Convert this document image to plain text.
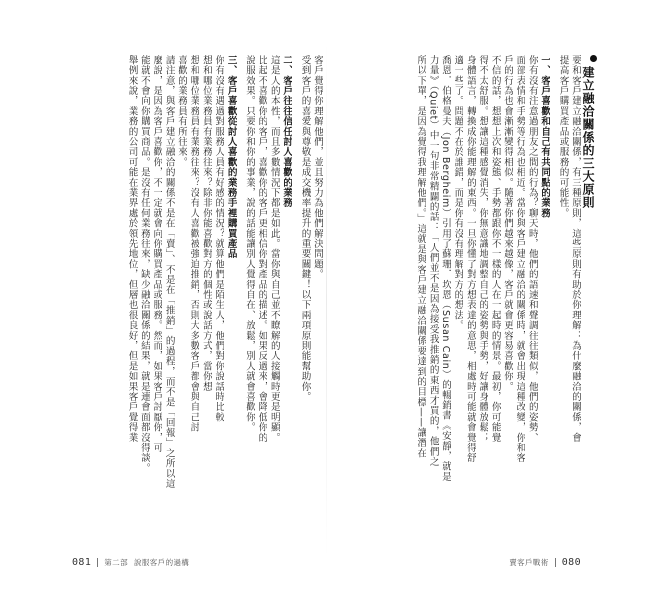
建立融洽關係的三大原則
要和客戶建立融洽關係，有三種原則，這些原則有助於你理解：為什麼融洽的關係，會
提高客戶購買產品或服務的可能性。
一、客戶喜歡和自己有共同點的業務
你有沒有注意過朋友之間的行為？聊天時，他們的語速和聲調往往類似，他們的姿勢、
面部表情和手勢等行為也相近。當你與客戶建立融洽的關係時，就會出現這種改變，你和客
戶的行為也會漸漸變得相似。隨著你們越來越像，客戶就會更容易喜歡你。
不信的話，想想上次和姿態、手勢都跟你不一樣的人在一起時的情景。最初，你可能覺
得不太舒服。想讓這種感覺消失，你無意識地調整自己的姿勢與手勢，好讓身體放鬆；
身體語言，轉換成你能理解的東西。一旦你懂了對方想表達的意思，相處時可能就會覺得舒
適一些了。問題不在於誰錯，而是你有沒有理解對方的想法。
喬恩．伯格曼夫（Jon Bergheim）引用了蘇珊．坎恩（Susan Cain）的暢銷書《安靜，就是
力量》（Quiet）中一句非常精闢的話：「人們並不是因為接受我推銷的東西才買的，他們之
所以下單，是因為覺得我理解他們。」這就是與客戶建立融洽關係要達到的目標——讓潛在
客戶覺得你理解他們，並且努力為他們解決問題。
受到客戶的喜愛與尊敬是成交機率提升的重要關鍵！以下兩項原則能幫助你。
二、客戶往往信任討人喜歡的業務
這是人的本性，而且多數情況下都是如此。當你與自己並不瞭解的人接觸時更是明顯。
比起不喜歡你的客戶，喜歡你的客戶更相信你對產品的描述。如果反過來，會降低你的
說服效果。只要你和你的事業，說的話能讓別人覺得自在、放鬆，別人就會喜歡你。
三、客戶喜歡從討人喜歡的業務手裡購買產品
你有沒有遇過對服務人員有好感的情況？就算他們是陌生人，他們對你說話時比較
想和哪位業務員有業務往來？除非你能喜歡對方的個性或說話方式，當你想
想和哪位業務員有業務往來？沒有人喜歡被強迫推銷，否則大多數客戶都會與自己討
喜歡的業務員有所往來。
請注意，與客戶建立融洽的關係不是在「賣」、不是在「推銷」的過程，而不是「回報」之所以這
麼說，是因為客戶喜歡你，不一定就會向你購買產品或服務。然而，如果客戶討厭你，可
能就不會向你購買商品。是沒有任何業務往來，缺少融洽關係的結果，就是連會面都沒得談。
舉例來說，業務的公司可能在業界處於領先地位，但層也很良好，但是如果客戶覺得業
081 第二部 說服客戶的過構	賣客戶戰術 080
